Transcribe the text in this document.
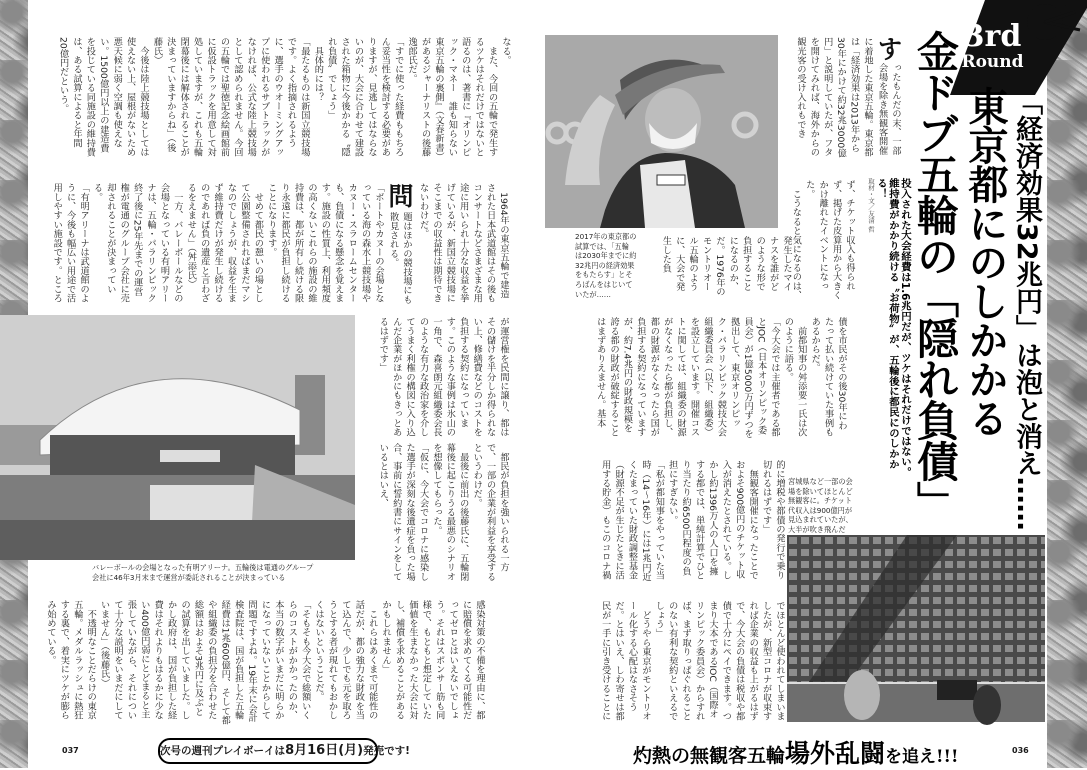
3rd
Round
「経済効果32兆円」は泡と消え……
東京都にのしかかる
金ドブ五輪の「隠れ負債」
投入された大会経費は1.6兆円だが、ツケはそれだけではない。
維持費がかかり続ける〝お荷物〟が、五輪後に都民にのしかかる！
取材・文／友清 哲
す
ったもんだの末、一部会場を除き無観客開催
に着地した東京五輪。東京都は「経済効果は2013年から30年にかけて約32兆3000億円」と説明していたが、フタを開けてみれば、海外からの観光客の受け入れもでき
ず、チケット収入も得られず、掲げた皮算用から大きくかけ離れたイベントになった。
　こうなると気になるのは、
発生したマイナスを誰がどのような形で負担することになるのか、だ。1976年のモントリオール五輪のように、大会で発生した負
債を市民がその後30年にわたって払い続けていた事例もあるからだ。
　前都知事の舛添要一氏は次のように語る。
「今大会では主催者である都とJOC（日本オリンピック委員会）が1億5000万円ずつを拠出して、東京オリンピック・パラリンピック競技大会組織委員会（以下、組織委）を設立しています。開催コストに関しては、組織委の財源がなくなったら都が負担し、都の財源がなくなったら国が負担する契約になっていますが、約7.4兆円の財政規模を誇る都の財政が破綻することはまずありえません。基本
的に増税や都債の発行で乗り切れるはずです」
　無観客開催になったことでおよそ900億円のチケット収入が消えたとされている。しかし約1396万人の人口を擁する都では、単純計算でひとり当たり約6500円程度の負担にすぎない。
「私が都知事をやっていた当時（14～16年）には1兆円近くたまっていた財政調整基金（財源不足が生じたときに活用する貯金）もこのコロナ禍
でほとんど使われてしまいましたが、新型コロナが収束すれば企業の収益も上がるはずで、今大会の負債は税収や都債で十分にペイできます。つまり大本であるIOC（国際オリンピック委員会）からすれば、まず取りっぱぐれることのない有利な契約といえるでしょう」
　どうやら東京がモントリオール化する心配はなさそうだ。とはいえ、しわ寄せは都民が一手に引き受けることに
2017年の東京都の
試算では、「五輪
は2030年までに約
32兆円の経済効果
をもたらす」とそ
ろばんをはじいて
いたが……
宮城県など一部の会
場を除いてほとんど
無観客に。チケット
代収入は900億円が
見込まれていたが、
大半が吹き飛んだ
灼熱の無観客五輪場外乱闘を追え!!!	036
なる。
　また、今回の五輪で発生するツケはそれだけではないと語るのは、著書に『オリンピック・マネー　誰も知らない東京五輪の裏側』（文春新書）があるジャーナリストの後藤逸郎氏だ。
「すでに使った経費ももちろん妥当性を検討する必要がありますが、見逃してはならないのが、大会に合わせて建設された箱物に今後かかる〝隠れ負債〟でしょう」
　具体的には？
「最たるものは新国立競技場です。よく指摘されるように、選手のウオーミングアップに使われるサブトラックがなければ、公式な陸上競技場として認められません。今回の五輪では聖徳記念絵画館前に仮設トラックを用意して対処していますが、これも五輪閉幕後には解体されることが決まっていますからね」（後藤氏）
　今後は陸上競技場としては使えない上、屋根がないため悪天候に弱く空調も使えない。1500億円以上の建造費を投じている同施設の維持費は、ある試算によると年間20億円だという。
　1964年の東京五輪で建造された日本武道館はその後もコンサートなどさまざまな用途に用いられ十分な収益を挙げているが、新国立競技場にそこまでの収益性は期待できないわけだ。
問
題はほかの競技場にも散見される。
「ボートやカヌーの会場となっている海の森水上競技場やカヌー・スラロームセンターも、負債になる懸念を覚えます。施設の性質上、利用頻度の高くないこれらの施設の維持費は、都が所有し続ける限り永遠に都民が負担し続けることになります。
　せめて都民の憩いの場として公園整備されればまだマシなのでしょうが、収益を生まず維持費だけが発生し続けるのであれば負の遺産と言わざるをえません」（舛添氏）
　一方、バレーボールなどの会場となっている有明アリーナは、五輪・パラリンピック終了後に25年先までの運営権が電通のグループ会社に売却されることが決まっている。
「有明アリーナは武道館のように、今後も幅広い用途で活用しやすい施設です。ところ
が運営権を民間に譲り、都はその儲けを半分しか得られない上、修繕費などのコストを負担する契約になっています。このような事例は氷山の一角で、森喜朗元組織委会長のような有力な政治家を介してうまく利権の構図に入り込んだ企業がほかにもきっとあるはずです」
　都民が負担を強いられる一方で、一部の企業が利益を享受するというわけだ。
　最後に前出の後藤氏に、五輪閉幕後に起こりうる最悪のシナリオを想像してもらった。
「仮に、今大会でコロナに感染した選手が深刻な後遺症を負った場合、事前に誓約書にサインをしているとはいえ、
感染対策の不備を理由に、都に賠償を求めてくる可能性だってゼロとはいえないでしょう。それはスポンサー筋も同様で、もともと想定していた価値を生まなかった大会に対し、補償を求めることがあるかもしれません」
　これらはあくまで可能性の話だが、都の強力な財政を当て込んで、少しでも元を取ろうとする者が現れてもおかしくはないということだ。
「そもそも今大会で総額いくらのコストがかかったのか、本当の数字がいまだに明らかになっていないことからして問題ですよね。19年末に会計検査院は、国が負担した五輪経費は1兆600億円、そして都や組織委の負担分を合わせた総額はおよそ3兆円に及ぶとの試算を出していました。しかし政府は、国が負担した経費はそれよりもはるかに少ない400億円弱にとどまると主張していながら、それについて十分な説明をいまだにしていません」（後藤氏）
　不透明なことだらけの東京五輪。メダルラッシュに熱狂する裏で、着実にツケが膨らみ始めている。
バレーボールの会場となった有明アリーナ。五輪後は電通のグループ
会社に46年3月末まで運営が委託されることが決まっている
次号の週刊プレイボーイは8月16日(月)発売です!
037
